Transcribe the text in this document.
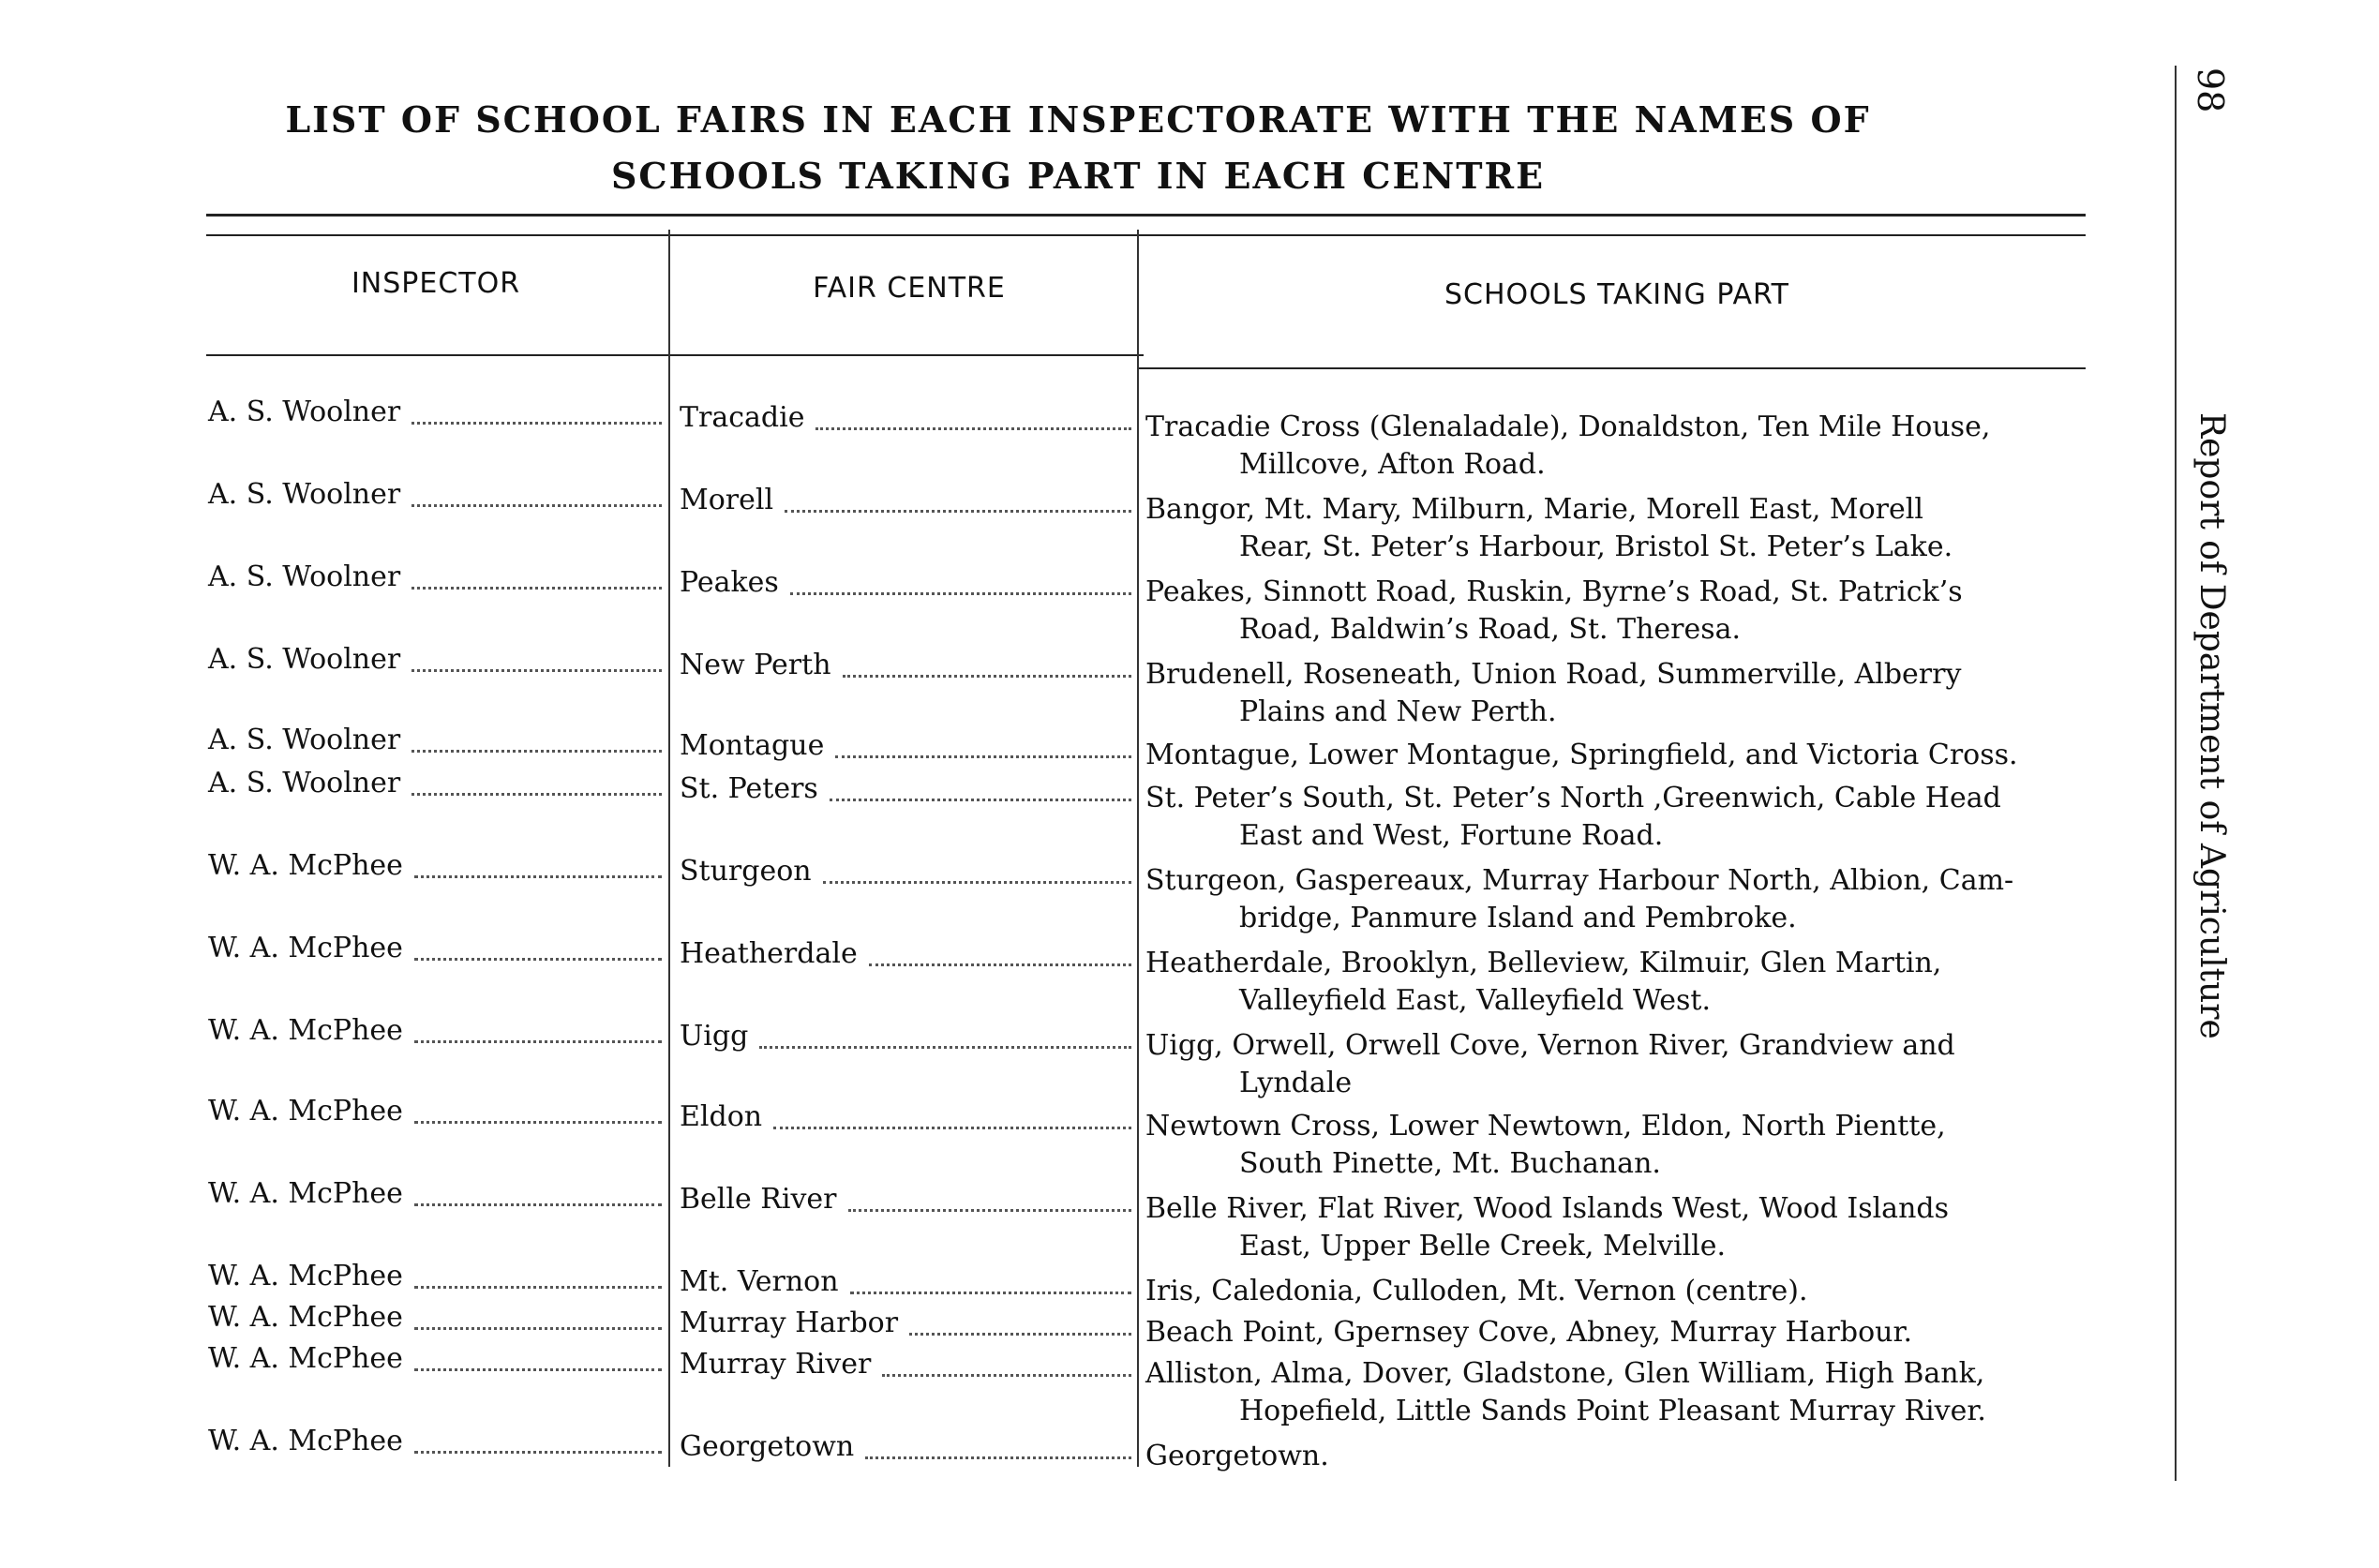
LIST OF SCHOOL FAIRS IN EACH INSPECTORATE WITH THE NAMES OF
SCHOOLS TAKING PART IN EACH CENTRE
INSPECTOR	FAIR CENTRE	SCHOOLS TAKING PART
A. S. Woolner	Tracadie	Tracadie Cross (Glenaladale), Donaldston, Ten Mile House,
Millcove, Afton Road.
A. S. Woolner	Morell	Bangor, Mt. Mary, Milburn, Marie, Morell East, Morell
Rear, St. Peter’s Harbour, Bristol St. Peter’s Lake.
A. S. Woolner	Peakes	Peakes, Sinnott Road, Ruskin, Byrne’s Road, St. Patrick’s
Road, Baldwin’s Road, St. Theresa.
A. S. Woolner	New Perth	Brudenell, Roseneath, Union Road, Summerville, Alberry
Plains and New Perth.
A. S. Woolner	Montague	Montague, Lower Montague, Springfield, and Victoria Cross.
A. S. Woolner	St. Peters	St. Peter’s South, St. Peter’s North ,Greenwich, Cable Head
East and West, Fortune Road.
W. A. McPhee	Sturgeon	Sturgeon, Gaspereaux, Murray Harbour North, Albion, Cam-
bridge, Panmure Island and Pembroke.
W. A. McPhee	Heatherdale	Heatherdale, Brooklyn, Belleview, Kilmuir, Glen Martin,
Valleyfield East, Valleyfield West.
W. A. McPhee	Uigg	Uigg, Orwell, Orwell Cove, Vernon River, Grandview and
Lyndale
W. A. McPhee	Eldon	Newtown Cross, Lower Newtown, Eldon, North Pientte,
South Pinette, Mt. Buchanan.
W. A. McPhee	Belle River	Belle River, Flat River, Wood Islands West, Wood Islands
East, Upper Belle Creek, Melville.
W. A. McPhee	Mt. Vernon	Iris, Caledonia, Culloden, Mt. Vernon (centre).
W. A. McPhee	Murray Harbor	Beach Point, Gpernsey Cove, Abney, Murray Harbour.
W. A. McPhee	Murray River	Alliston, Alma, Dover, Gladstone, Glen William, High Bank,
Hopefield, Little Sands Point Pleasant Murray River.
W. A. McPhee	Georgetown	Georgetown.
Report of Department of Agriculture
98
